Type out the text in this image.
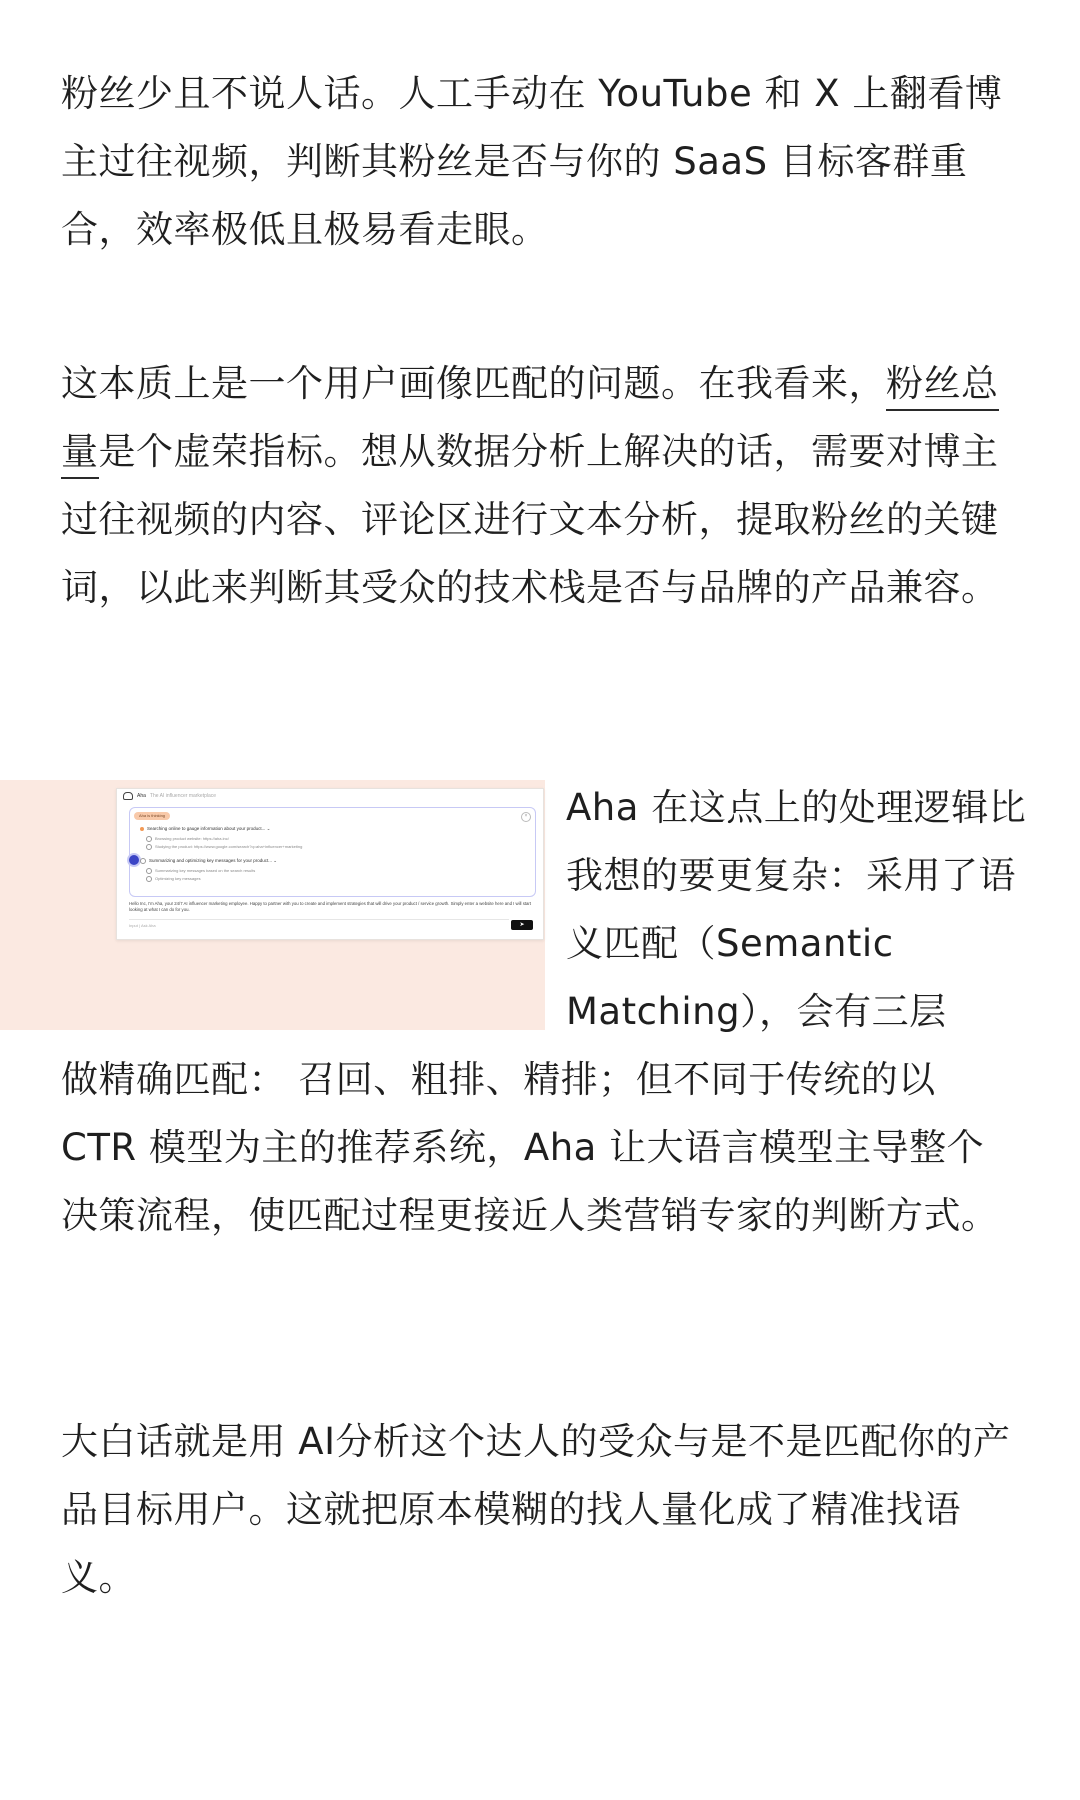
粉丝少且不说人话。人工手动在 YouTube 和 X 上翻看博主过往视频，判断其粉丝是否与你的 SaaS 目标客群重合，效率极低且极易看走眼。

这本质上是一个用户画像匹配的问题。在我看来，粉丝总量是个虚荣指标。想从数据分析上解决的话，需要对博主过往视频的内容、评论区进行文本分析，提取粉丝的关键词，以此来判断其受众的技术栈是否与品牌的产品兼容。

Aha The AI influencer marketplace
Aha is thinking	×
Searching online to gauge information about your product... ⌄
Browsing product website: https://aha.inc/
Studying the product: https://www.google.com/search?q=aha+influencer+marketing
Summarizing and optimizing key messages for your product... ⌄
Summarizing key messages based on the search results
Optimizing key messages
Hello Inc, I'm Aha, your 24/7 AI influencer marketing employee. Happy to partner with you to create and implement strategies that will drive your product / service growth. Simply enter a website here and I will start looking at what I can do for you.
Input | Ask Aha	➤

Aha 在这点上的处理逻辑比我想的要更复杂：采用了语义匹配（Semantic Matching），会有三层

做精确匹配： 召回、粗排、精排；但不同于传统的以 CTR 模型为主的推荐系统，Aha 让大语言模型主导整个决策流程，使匹配过程更接近人类营销专家的判断方式。

大白话就是用 AI分析这个达人的受众与是不是匹配你的产品目标用户。这就把原本模糊的找人量化成了精准找语义。
